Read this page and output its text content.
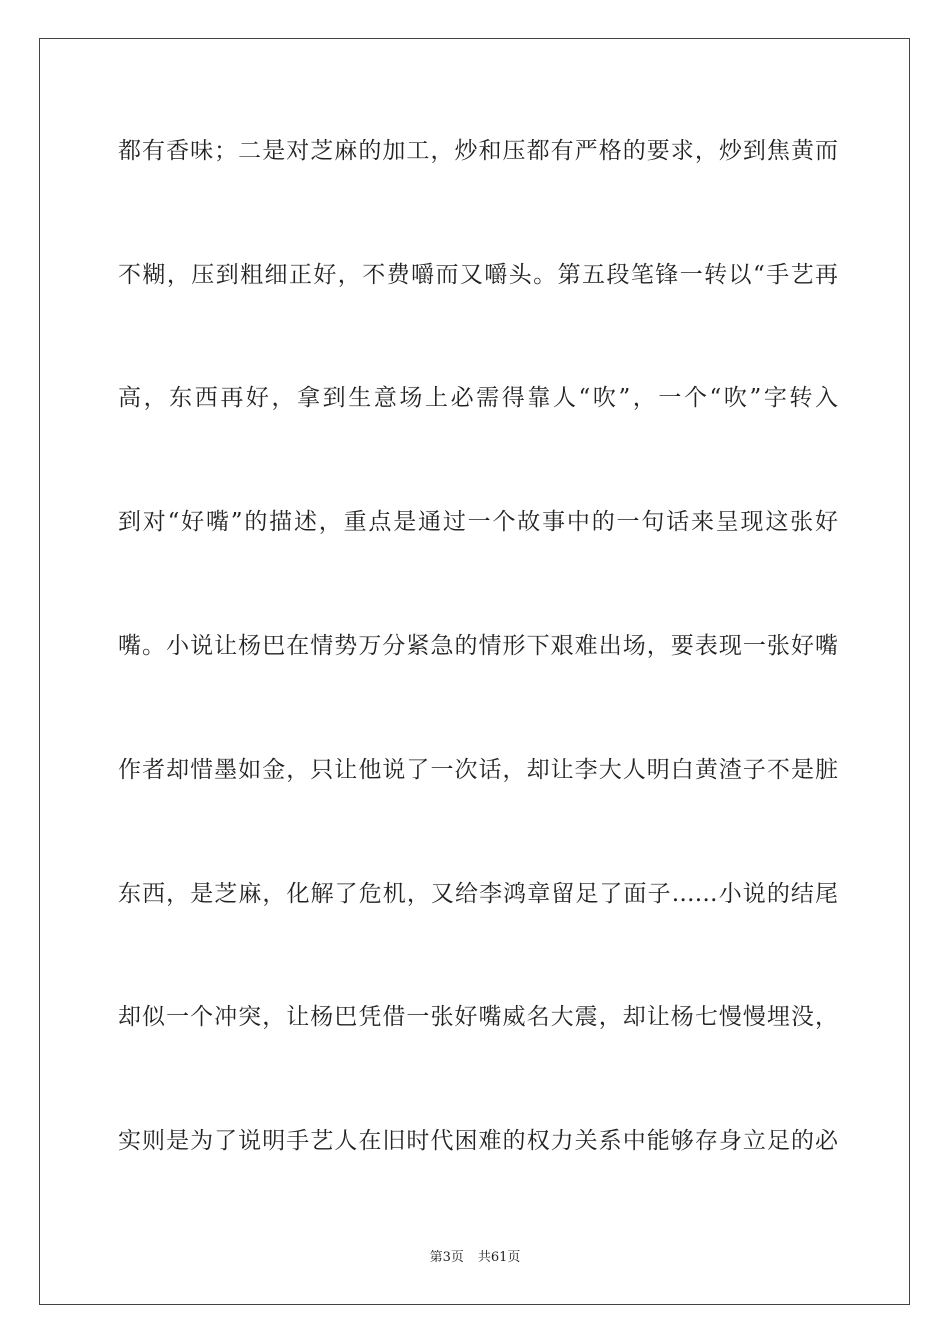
都有香味；二是对芝麻的加工，炒和压都有严格的要求，炒到焦黄而
不糊，压到粗细正好，不费嚼而又嚼头。第五段笔锋一转以“手艺再
高，东西再好，拿到生意场上必需得靠人“吹”，一个“吹”字转入
到对“好嘴”的描述，重点是通过一个故事中的一句话来呈现这张好
嘴。小说让杨巴在情势万分紧急的情形下艰难出场，要表现一张好嘴
作者却惜墨如金，只让他说了一次话，却让李大人明白黄渣子不是脏
东西，是芝麻，化解了危机，又给李鸿章留足了面子……小说的结尾
却似一个冲突，让杨巴凭借一张好嘴威名大震，却让杨七慢慢埋没，
实则是为了说明手艺人在旧时代困难的权力关系中能够存身立足的必
第3页 共61页
